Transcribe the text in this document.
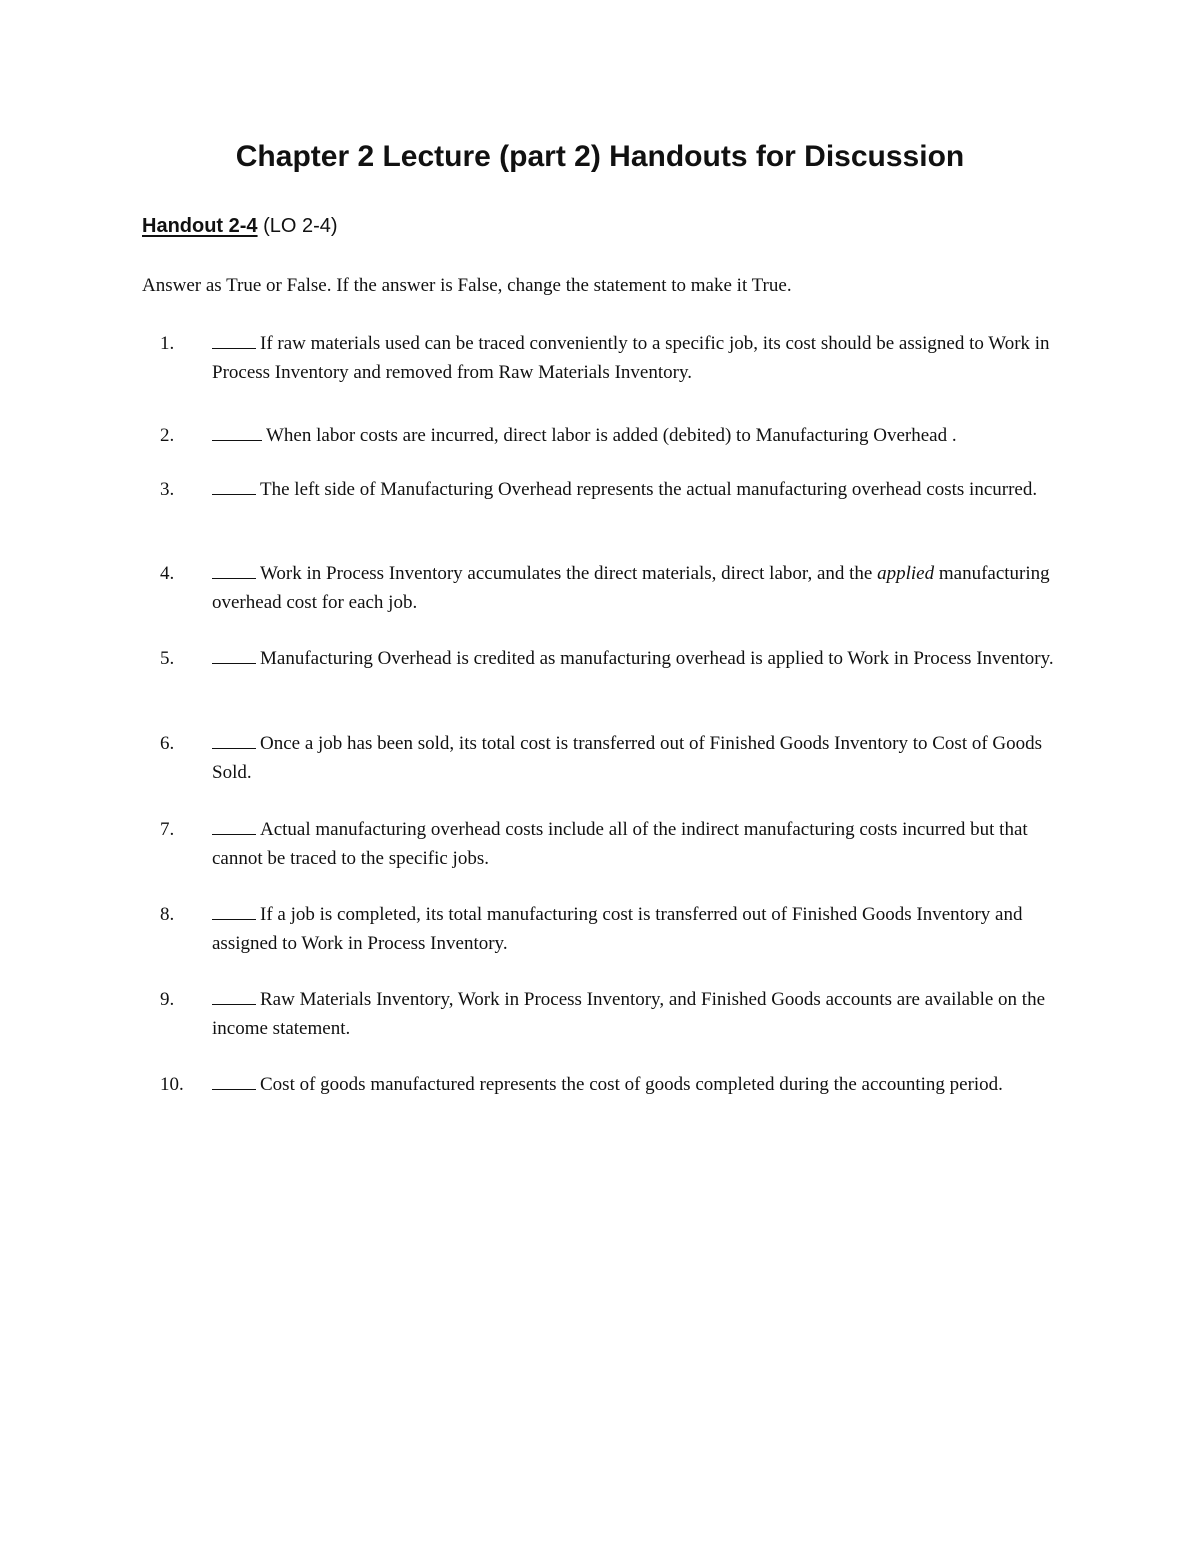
Chapter 2 Lecture (part 2) Handouts for Discussion
Handout 2-4 (LO 2-4)

Answer as True or False. If the answer is False, change the statement to make it True.

1.	If raw materials used can be traced conveniently to a specific job, its cost should be assigned to Work in Process Inventory and removed from Raw Materials Inventory.
2.	When labor costs are incurred, direct labor is added (debited) to Manufacturing Overhead .
3.	The left side of Manufacturing Overhead represents the actual manufacturing overhead costs incurred.
4.	Work in Process Inventory accumulates the direct materials, direct labor, and the applied manufacturing overhead cost for each job.
5.	Manufacturing Overhead is credited as manufacturing overhead is applied to Work in Process Inventory.
6.	Once a job has been sold, its total cost is transferred out of Finished Goods Inventory to Cost of Goods Sold.
7.	Actual manufacturing overhead costs include all of the indirect manufacturing costs incurred but that cannot be traced to the specific jobs.
8.	If a job is completed, its total manufacturing cost is transferred out of Finished Goods Inventory and assigned to Work in Process Inventory.
9.	Raw Materials Inventory, Work in Process Inventory, and Finished Goods accounts are available on the income statement.
10.	Cost of goods manufactured represents the cost of goods completed during the accounting period.
